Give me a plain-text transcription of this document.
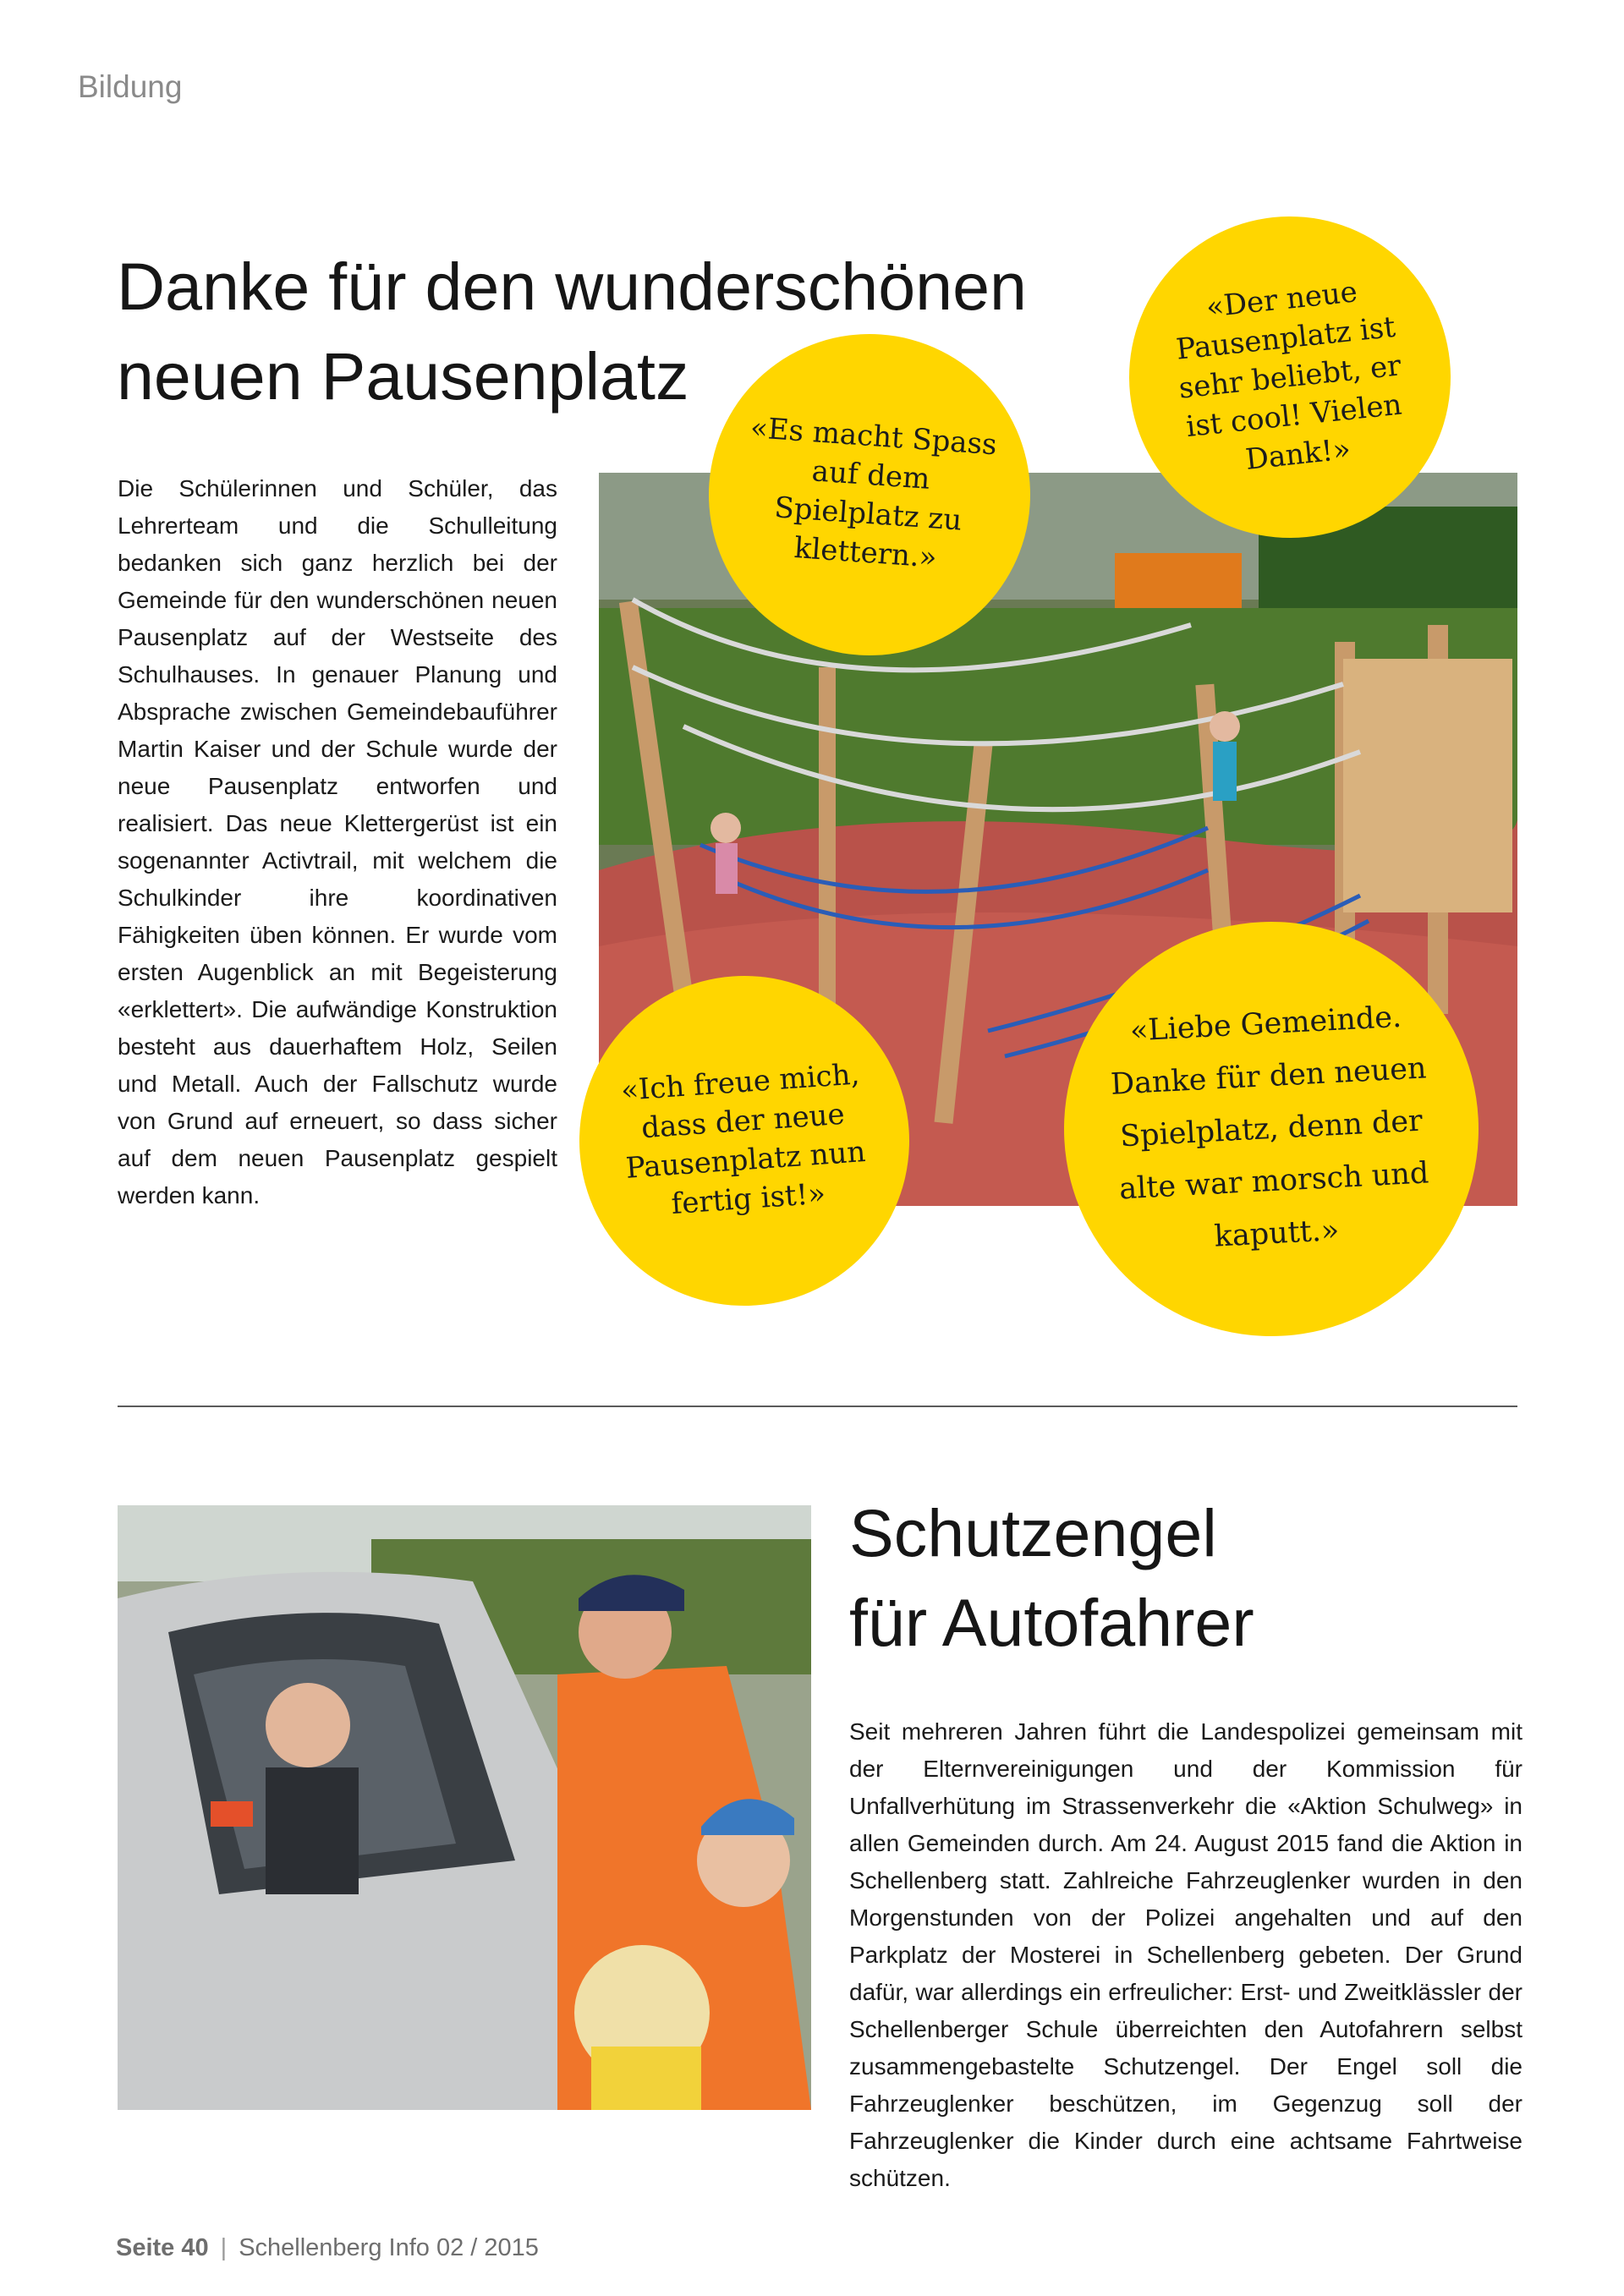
Bildung
Danke für den wunderschönen
neuen Pausenplatz

Die Schülerinnen und Schüler, das Lehrerteam und die Schulleitung bedanken sich ganz herzlich bei der Gemeinde für den wunderschönen neuen Pausenplatz auf der Westseite des Schulhauses. In genauer Planung und Absprache zwischen Gemeindebauführer Martin Kaiser und der Schule wurde der neue Pausenplatz entworfen und realisiert. Das neue Klettergerüst ist ein sogenannter Activtrail, mit welchem die Schulkinder ihre koordinativen Fähigkeiten üben können. Er wurde vom ersten Augenblick an mit Begeisterung «erklettert». Die aufwändige Konstruktion besteht aus dauerhaftem Holz, Seilen und Metall. Auch der Fallschutz wurde von Grund auf erneuert, so dass sicher auf dem neuen Pausenplatz gespielt werden kann.

«Es macht Spass auf dem Spielplatz zu klettern.»
«Der neue Pausenplatz ist sehr beliebt, er ist cool! Vielen Dank!»
«Ich freue mich, dass der neue Pausenplatz nun fertig ist!»
«Liebe Gemeinde. Danke für den neuen Spielplatz, denn der alte war morsch und kaputt.»
Schutzengel
für Autofahrer

Seit mehreren Jahren führt die Landespolizei gemeinsam mit der Elternvereinigungen und der Kommission für Unfallverhütung im Strassenverkehr die «Aktion Schulweg» in allen Gemeinden durch. Am 24. August 2015 fand die Aktion in Schellenberg statt. Zahlreiche Fahrzeuglenker wurden in den Morgenstunden von der Polizei angehalten und auf den Parkplatz der Mosterei in Schellenberg gebeten. Der Grund dafür, war allerdings ein erfreulicher: Erst- und Zweitklässler der Schellenberger Schule überreichten den Autofahrern selbst zusammengebastelte Schutzengel. Der Engel soll die Fahrzeuglenker beschützen, im Gegenzug soll der Fahrzeuglenker die Kinder durch eine achtsame Fahrtweise schützen.

Seite 40 | Schellenberg Info 02 / 2015
